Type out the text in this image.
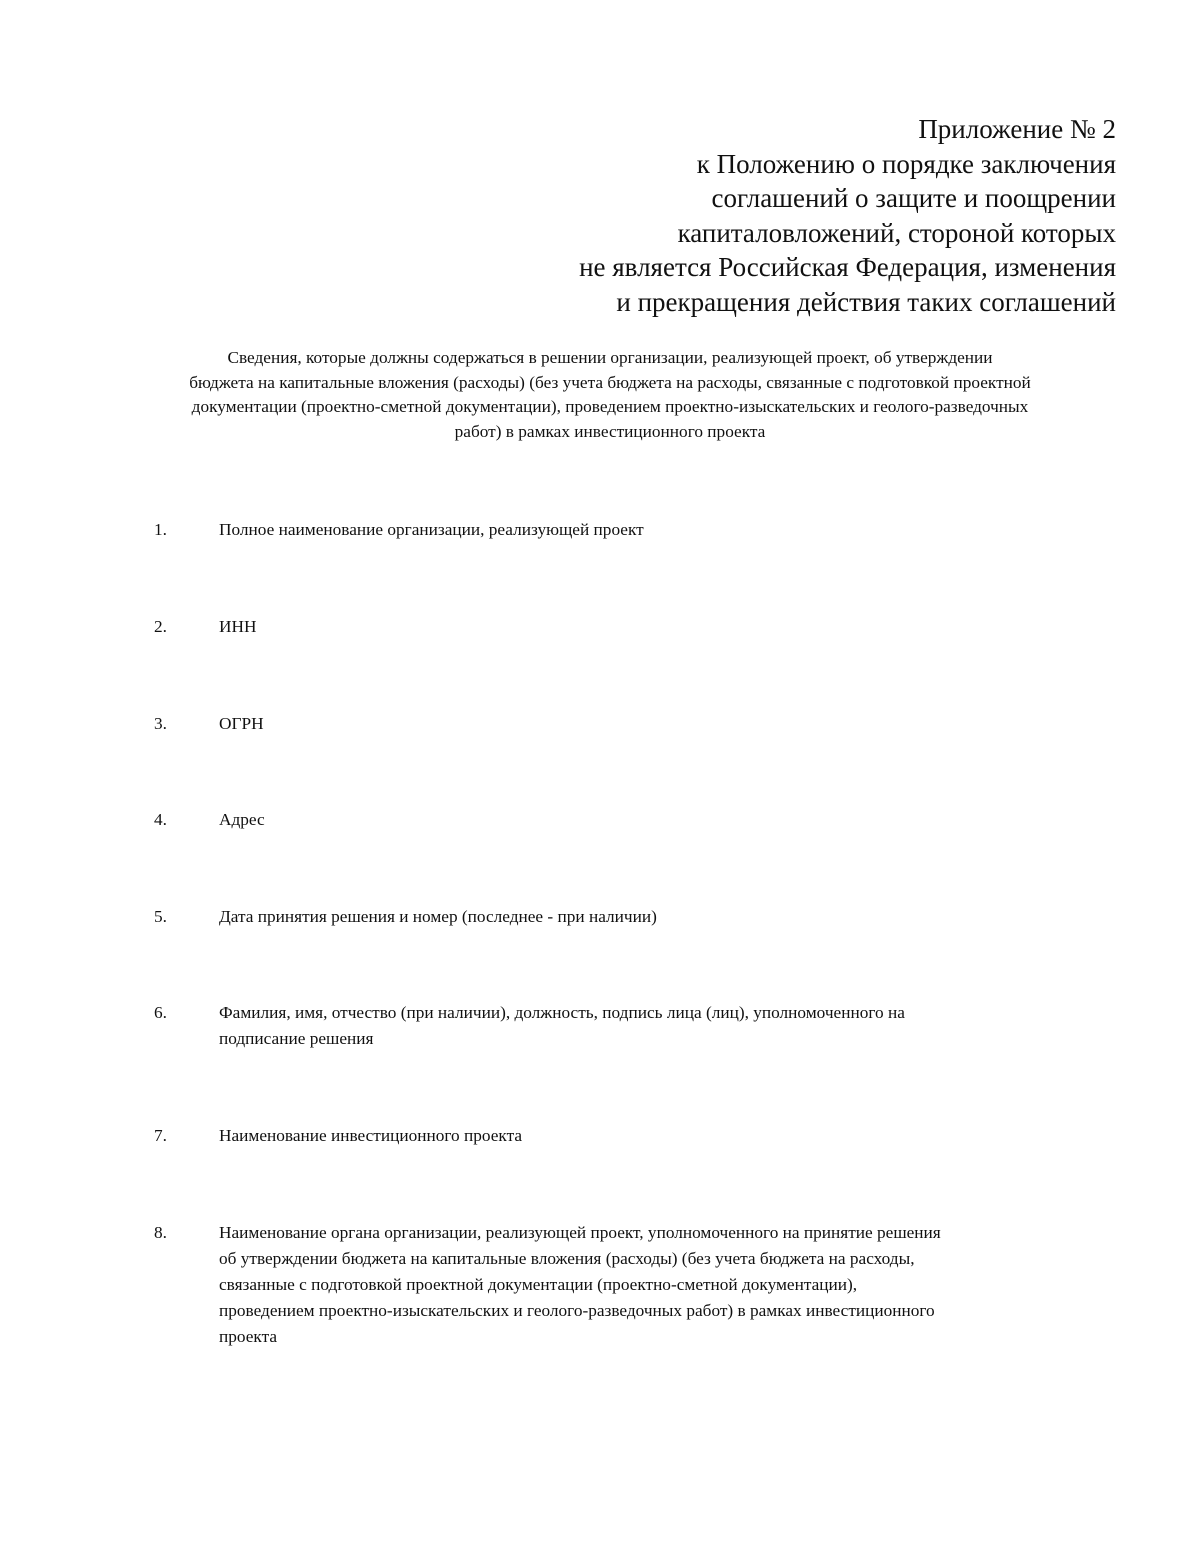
Приложение № 2
к Положению о порядке заключения
соглашений о защите и поощрении
капиталовложений, стороной которых
не является Российская Федерация, изменения
и прекращения действия таких соглашений
Сведения, которые должны содержаться в решении организации, реализующей проект, об утверждении
бюджета на капитальные вложения (расходы) (без учета бюджета на расходы, связанные с подготовкой проектной
документации (проектно-сметной документации), проведением проектно-изыскательских и геолого-разведочных
работ) в рамках инвестиционного проекта
1.	Полное наименование организации, реализующей проект
2.	ИНН
3.	ОГРН
4.	Адрес
5.	Дата принятия решения и номер (последнее - при наличии)
6.	Фамилия, имя, отчество (при наличии), должность, подпись лица (лиц), уполномоченного на
подписание решения
7.	Наименование инвестиционного проекта
8.	Наименование органа организации, реализующей проект, уполномоченного на принятие решения
об утверждении бюджета на капитальные вложения (расходы) (без учета бюджета на расходы,
связанные с подготовкой проектной документации (проектно-сметной документации),
проведением проектно-изыскательских и геолого-разведочных работ) в рамках инвестиционного
проекта
